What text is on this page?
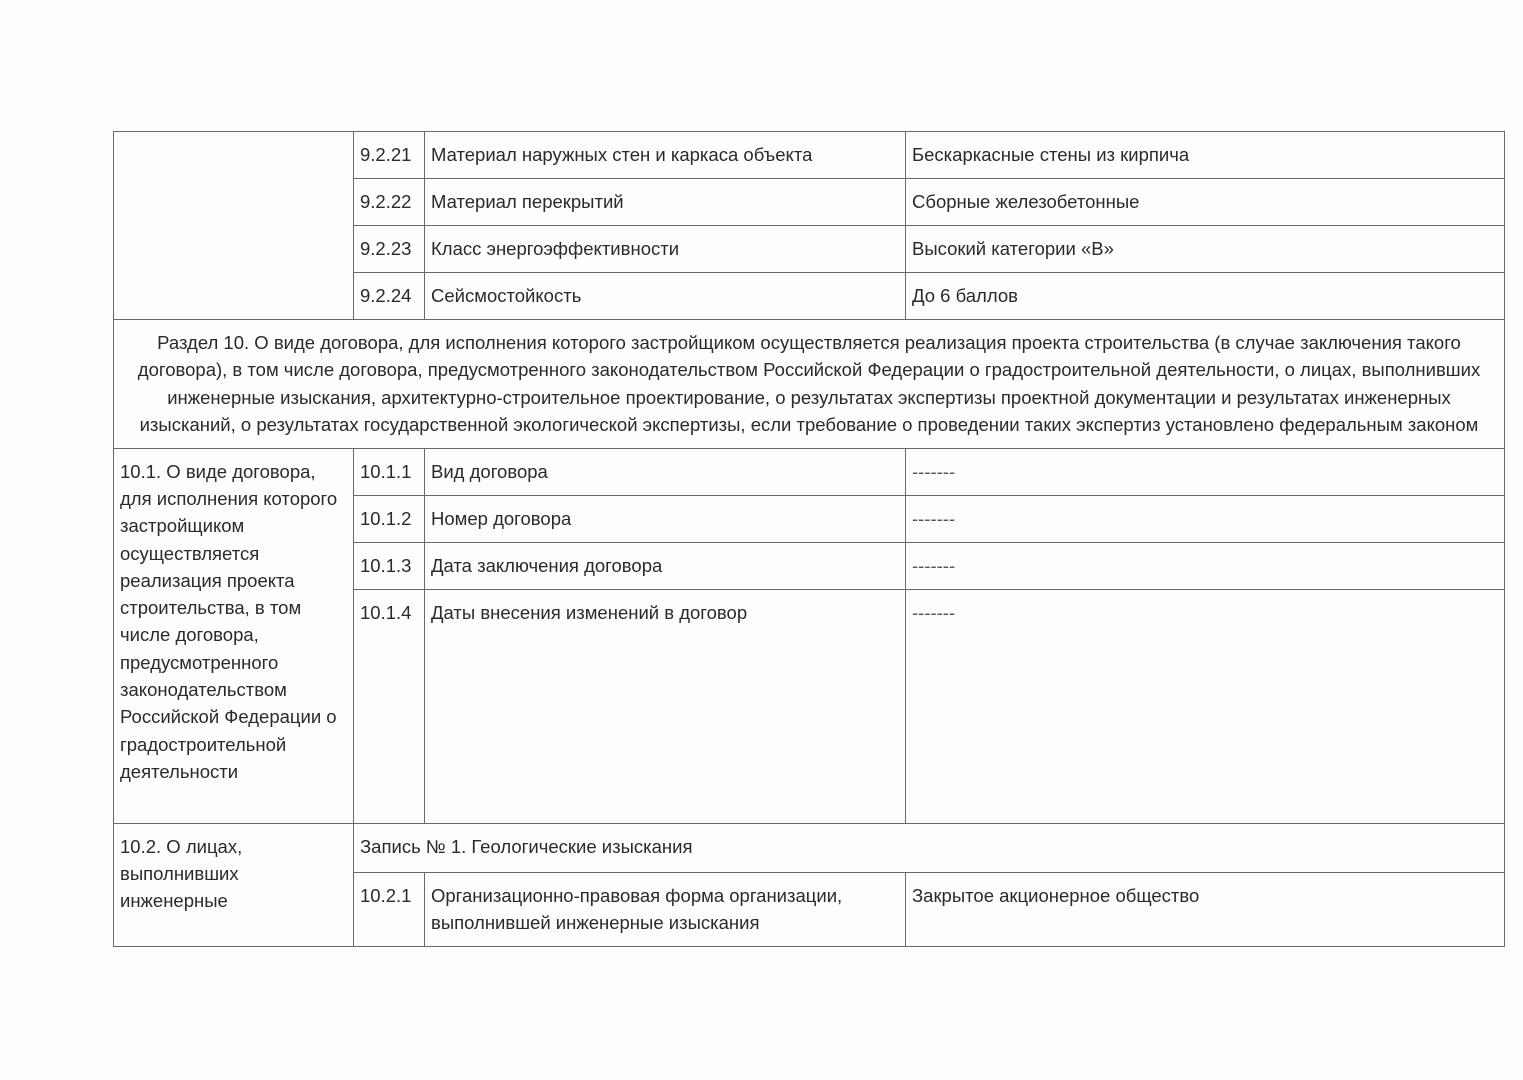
	9.2.21	Материал наружных стен и каркаса объекта	Бескаркасные стены из кирпича
	9.2.22	Материал перекрытий	Сборные железобетонные
	9.2.23	Класс энергоэффективности	Высокий категории «В»
	9.2.24	Сейсмостойкость	До 6 баллов
Раздел 10. О виде договора, для исполнения которого застройщиком осуществляется реализация проекта строительства (в случае заключения такого договора), в том числе договора, предусмотренного законодательством Российской Федерации о градостроительной деятельности, о лицах, выполнивших инженерные изыскания, архитектурно-строительное проектирование, о результатах экспертизы проектной документации и результатах инженерных изысканий, о результатах государственной экологической экспертизы, если требование о проведении таких экспертиз установлено федеральным законом			
10.1. О виде договора, для исполнения которого застройщиком осуществляется реализация проекта строительства, в том числе договора, предусмотренного законодательством Российской Федерации о градостроительной деятельности	10.1.1	Вид договора	-------
	10.1.2	Номер договора	-------
	10.1.3	Дата заключения договора	-------
	10.1.4	Даты внесения изменений в договор	-------
10.2. О лицах, выполнивших инженерные	Запись № 1. Геологические изыскания		
	10.2.1	Организационно-правовая форма организации, выполнившей инженерные изыскания	Закрытое акционерное общество
